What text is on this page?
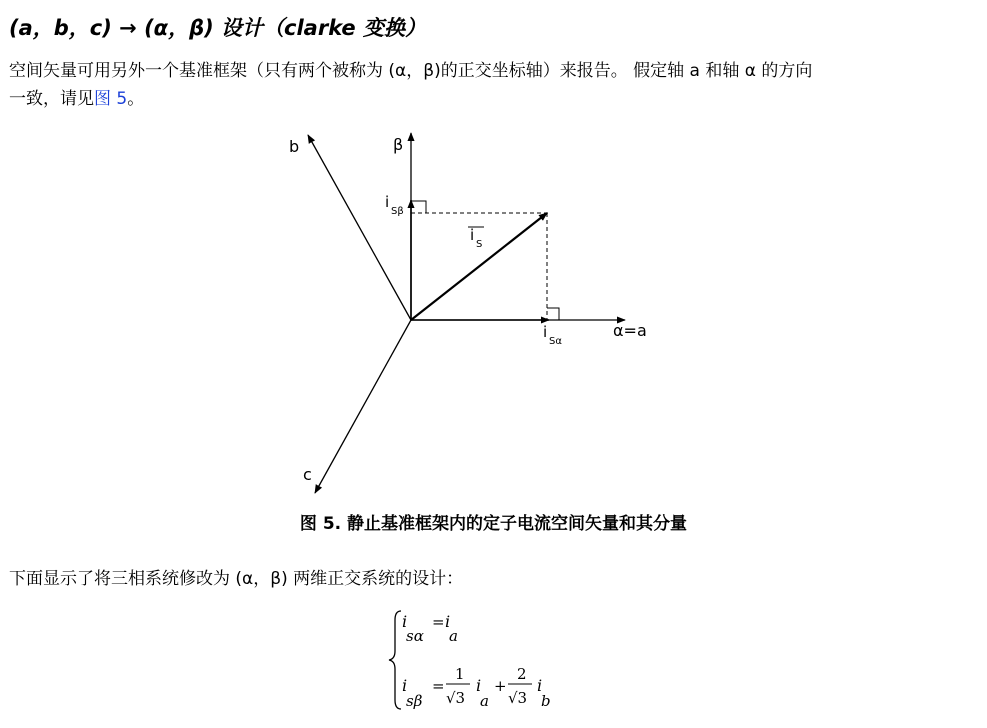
(a，b，c) → (α，β) 设计（clarke 变换）
空间矢量可用另外一个基准框架（只有两个被称为 (α，β)的正交坐标轴）来报告。 假定轴 a 和轴 α 的方向
一致，请见图 5。
b	β
c
α=a
i
Sβ
i
S
i
Sα
i
sα
= i
a
i
sβ
=
1
√3
i
a
+
2
√3
i
b
图 5. 静止基准框架内的定子电流空间矢量和其分量
下面显示了将三相系统修改为 (α，β) 两维正交系统的设计：
